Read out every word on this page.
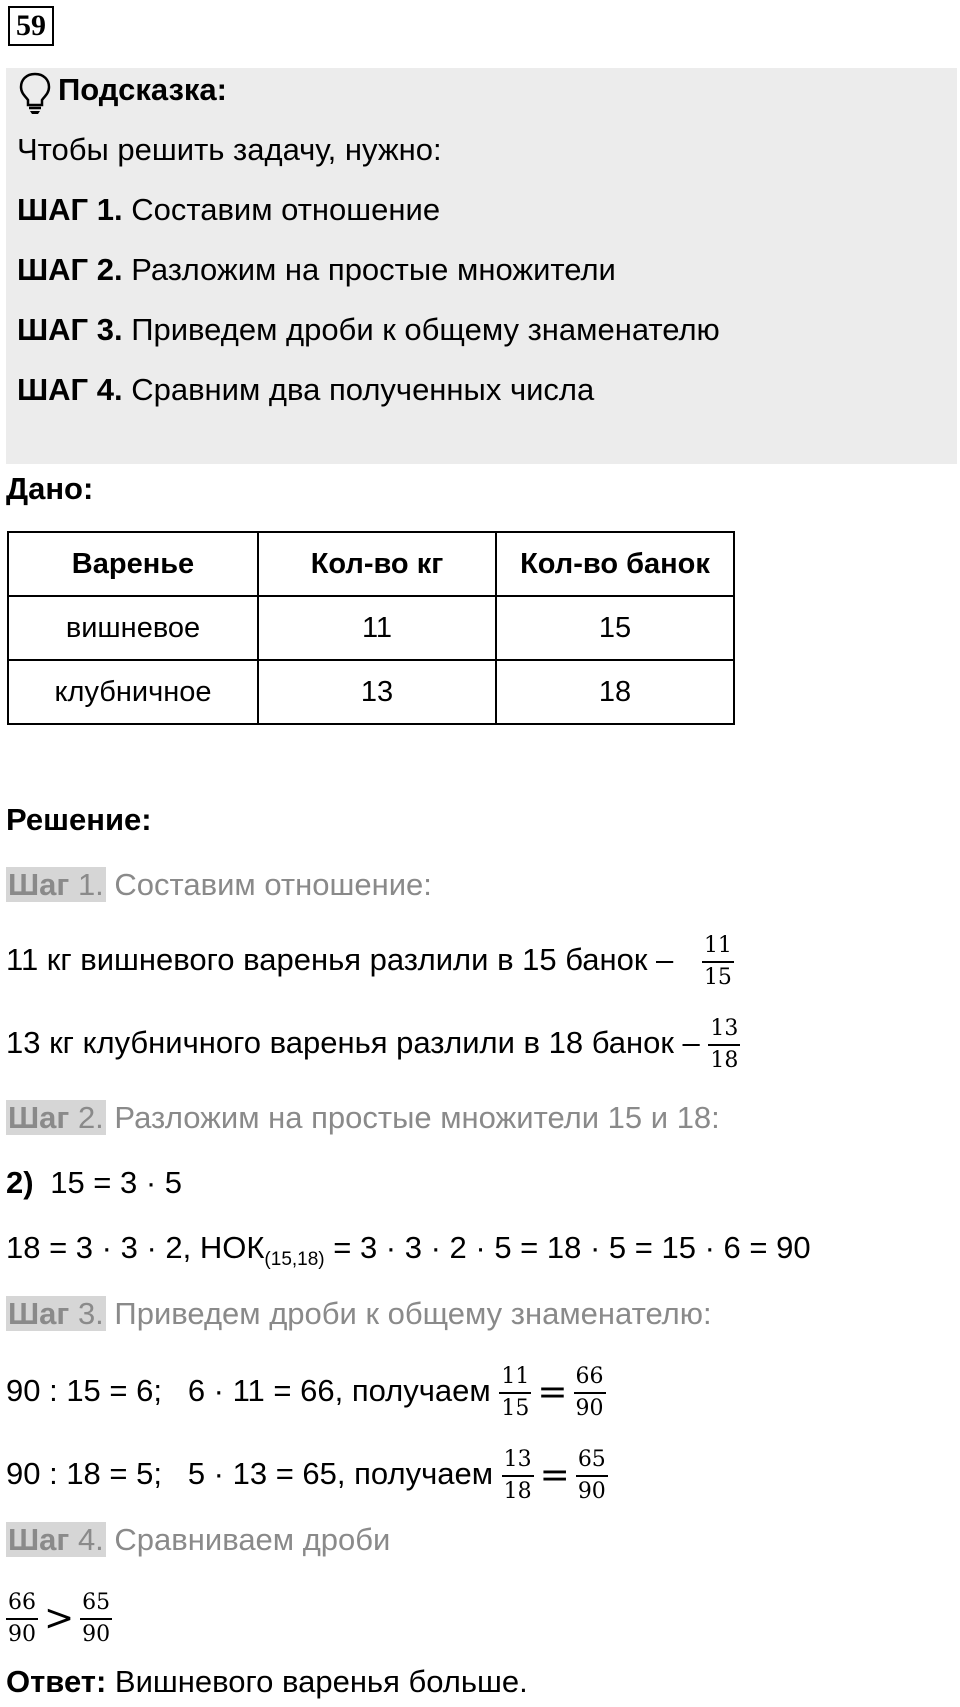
59
Подсказка:
Чтобы решить задачу, нужно:
ШАГ 1. Составим отношение
ШАГ 2. Разложим на простые множители
ШАГ 3. Приведем дроби к общему знаменателю
ШАГ 4. Сравним два полученных числа
Дано:
Варенье	Кол-во кг	Кол-во банок
вишневое	11	15
клубничное	13	18
Решение:
Шаг 1. Составим отношение:
11 кг вишневого варенья разлили в 15 банок – $\frac{11}{15}$
13 кг клубничного варенья разлили в 18 банок – $\frac{13}{18}$
Шаг 2. Разложим на простые множители 15 и 18:
2) 15 = 3 · 5
18 = 3 · 3 · 2, $НОК_{(15,18)} = 3 \cdot 3 \cdot 2 \cdot 5 = 18 \cdot 5 = 15 \cdot 6 = 90$
Шаг 3. Приведем дроби к общему знаменателю:
90 : 15 = 6;   6 · 11 = 66, получаем $\frac{11}{15} = \frac{66}{90}$
90 : 18 = 5;   5 · 13 = 65, получаем $\frac{13}{18} = \frac{65}{90}$
Шаг 4. Сравниваем дроби
$\frac{66}{90} > \frac{65}{90}$
Ответ: Вишневого варенья больше.
